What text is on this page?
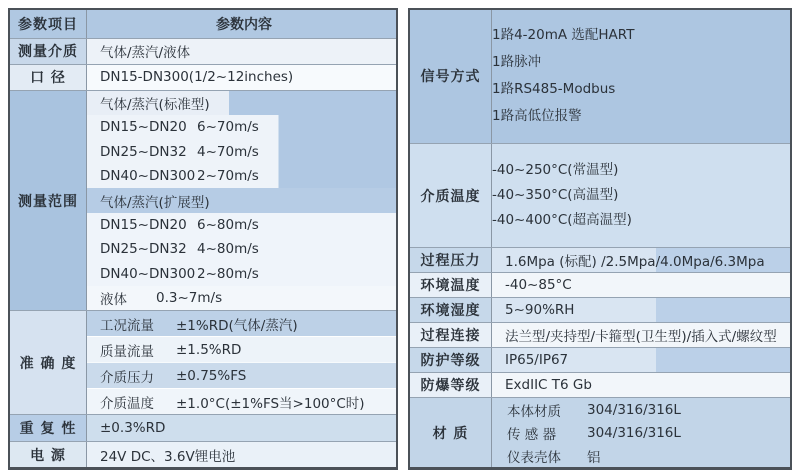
参数项目	参数内容
测量介质	气体/蒸汽/液体
口 径	DN15-DN300(1/2~12inches)
测量范围
气体/蒸汽(标准型)
DN15~DN20 6~70m/s
DN25~DN32 4~70m/s
DN40~DN300 2~70m/s
气体/蒸汽(扩展型)
DN15~DN20 6~80m/s
DN25~DN32 4~80m/s
DN40~DN300 2~80m/s
液体	0.3~7m/s
准 确 度
工况流量	±1%RD(气体/蒸汽)
质量流量	±1.5%RD
介质压力	±0.75%FS
介质温度	±1.0°C(±1%FS当>100°C时)
重 复 性	±0.3%RD
电 源	24V DC、3.6V锂电池
信号方式
1路4-20mA 选配HART
1路脉冲
1路RS485-Modbus
1路高低位报警
介质温度
-40~250°C(常温型)
-40~350°C(高温型)
-40~400°C(超高温型)
过程压力	1.6Mpa (标配) /2.5Mpa/4.0Mpa/6.3Mpa
环境温度	-40~85°C
环境湿度	5~90%RH
过程连接	法兰型/夹持型/卡箍型(卫生型)/插入式/螺纹型
防护等级	IP65/IP67
防爆等级	ExdIIC T6 Gb
材 质
本体材质	304/316/316L
传 感 器	304/316/316L
仪表壳体	铝
